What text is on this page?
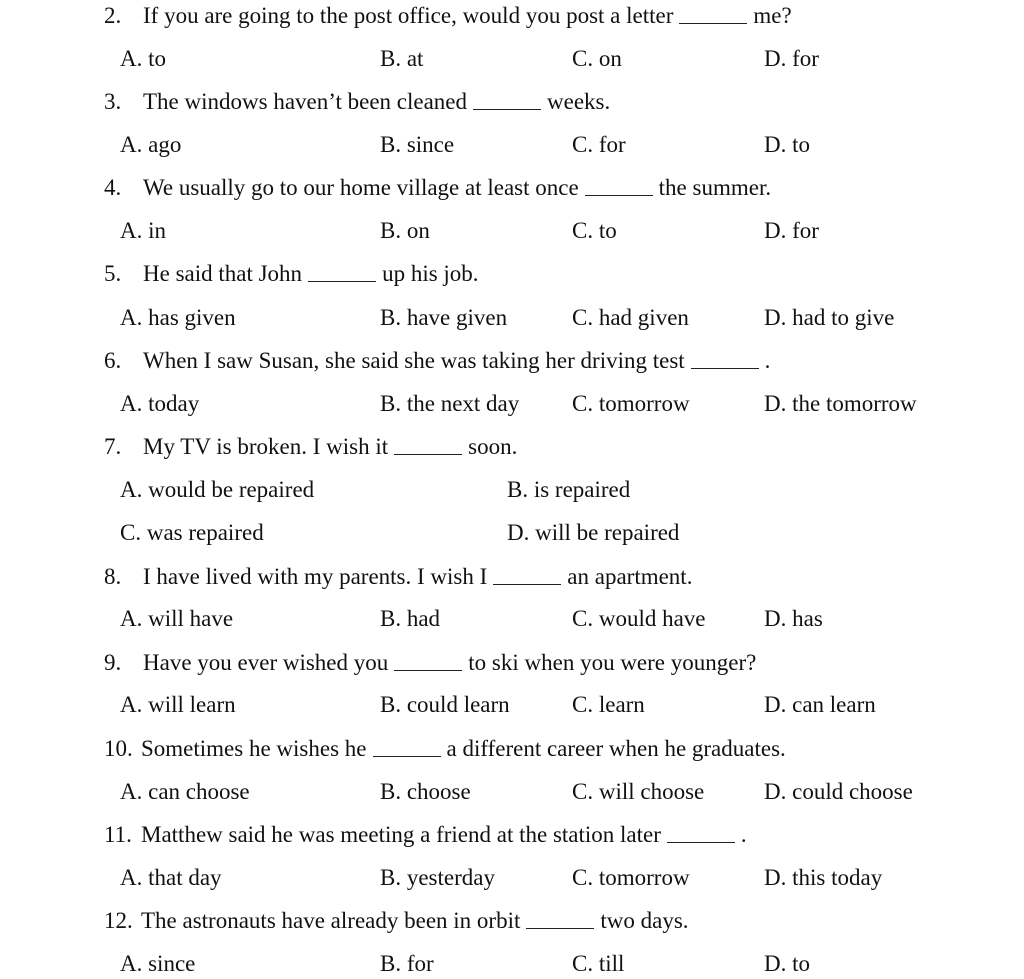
2. If you are going to the post office, would you post a letter	me?
A. to	B. at	C. on	D. for
3. The windows haven’t been cleaned	weeks.
A. ago	B. since	C. for	D. to
4. We usually go to our home village at least once	the summer.
A. in	B. on	C. to	D. for
5. He said that John	up his job.
A. has given	B. have given	C. had given	D. had to give
6. When I saw Susan, she said she was taking her driving test	.
A. today	B. the next day C. tomorrow	D. the tomorrow
7. My TV is broken. I wish it	soon.
A. would be repaired	B. is repaired
C. was repaired	D. will be repaired
8. I have lived with my parents. I wish I	an apartment.
A. will have	B. had	C. would have	D. has
9. Have you ever wished you	to ski when you were younger?
A. will learn	B. could learn	C. learn	D. can learn
10. Sometimes he wishes he	a different career when he graduates.
A. can choose	B. choose	C. will choose	D. could choose
11. Matthew said he was meeting a friend at the station later	.
A. that day	B. yesterday	C. tomorrow	D. this today
12. The astronauts have already been in orbit	two days.
A. since	B. for	C. till	D. to
